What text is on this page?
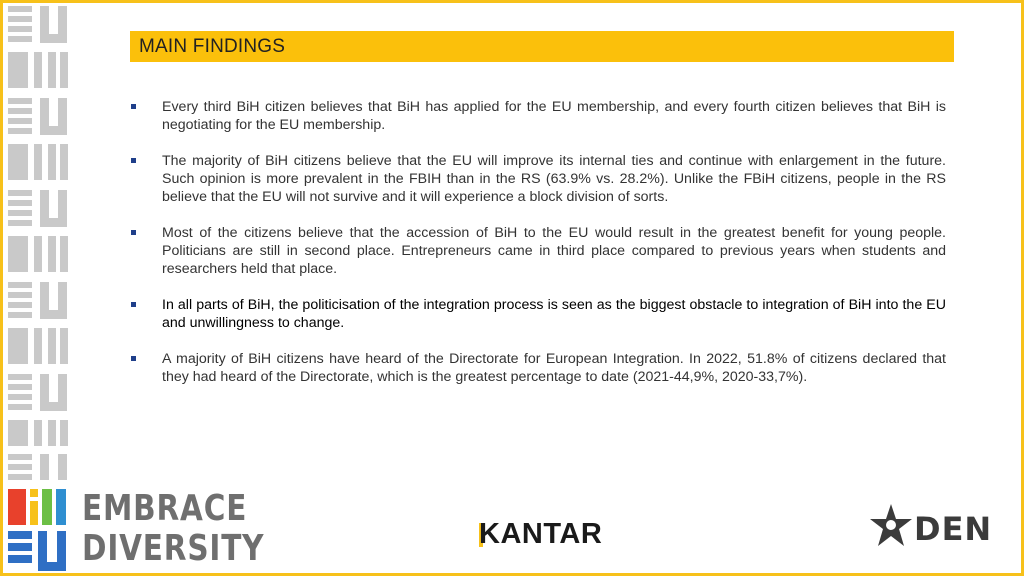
MAIN FINDINGS
Every third BiH citizen believes that BiH has applied for the EU membership, and every fourth citizen believes that BiH is negotiating for the EU membership.
The majority of BiH citizens believe that the EU will improve its internal ties and continue with enlargement in the future. Such opinion is more prevalent in the FBIH than in the RS (63.9% vs. 28.2%). Unlike the FBiH citizens, people in the RS believe that the EU will not survive and it will experience a block division of sorts.
Most of the citizens believe that the accession of BiH to the EU would result in the greatest benefit for young people. Politicians are still in second place. Entrepreneurs came in third place compared to previous years when students and researchers held that place.
In all parts of BiH, the politicisation of the integration process is seen as the biggest obstacle to integration of BiH into the EU and unwillingness to change.
A majority of BiH citizens have heard of the Directorate for European Integration. In 2022, 51.8% of citizens declared that they had heard of the Directorate, which is the greatest percentage to date (2021-44,9%, 2020-33,7%).
EMBRACE
DIVERSITY	KANTAR	DEN
